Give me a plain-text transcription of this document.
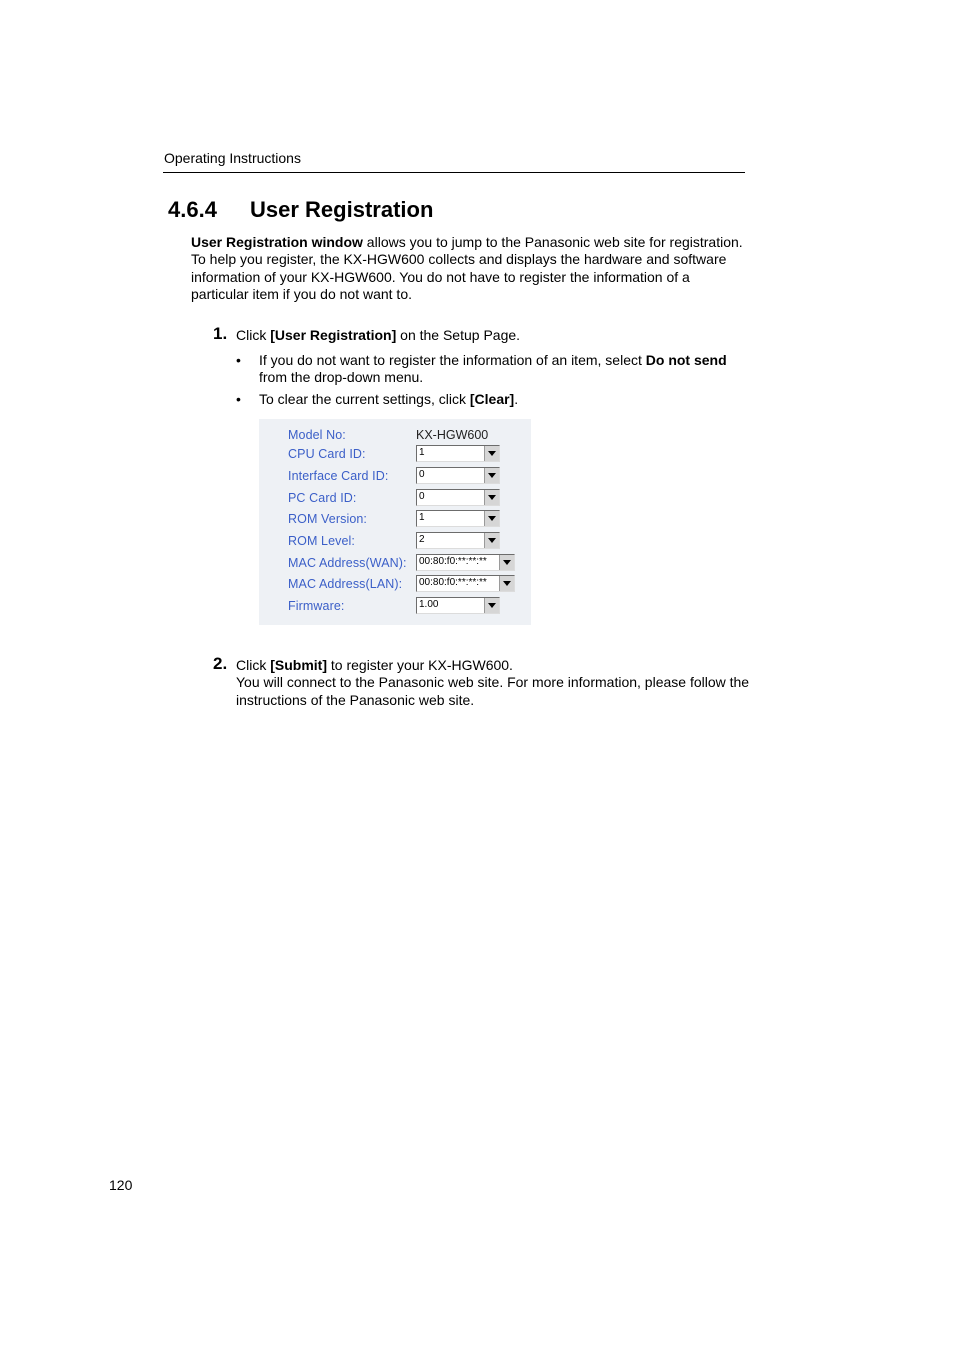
Operating Instructions
4.6.4 User Registration
User Registration window allows you to jump to the Panasonic web site for registration. To help you register, the KX-HGW600 collects and displays the hardware and software information of your KX-HGW600. You do not have to register the information of a particular item if you do not want to.
1. Click [User Registration] on the Setup Page.
• If you do not want to register the information of an item, select Do not send from the drop-down menu.
• To clear the current settings, click [Clear].
Model No:	KX-HGW600
CPU Card ID:	1
Interface Card ID:	0
PC Card ID:	0
ROM Version:	1
ROM Level:	2
MAC Address(WAN): 00:80:f0:**:**:**
MAC Address(LAN): 00:80:f0:**:**:**
Firmware:	1.00
2. Click [Submit] to register your KX-HGW600.
You will connect to the Panasonic web site. For more information, please follow the instructions of the Panasonic web site.
120
